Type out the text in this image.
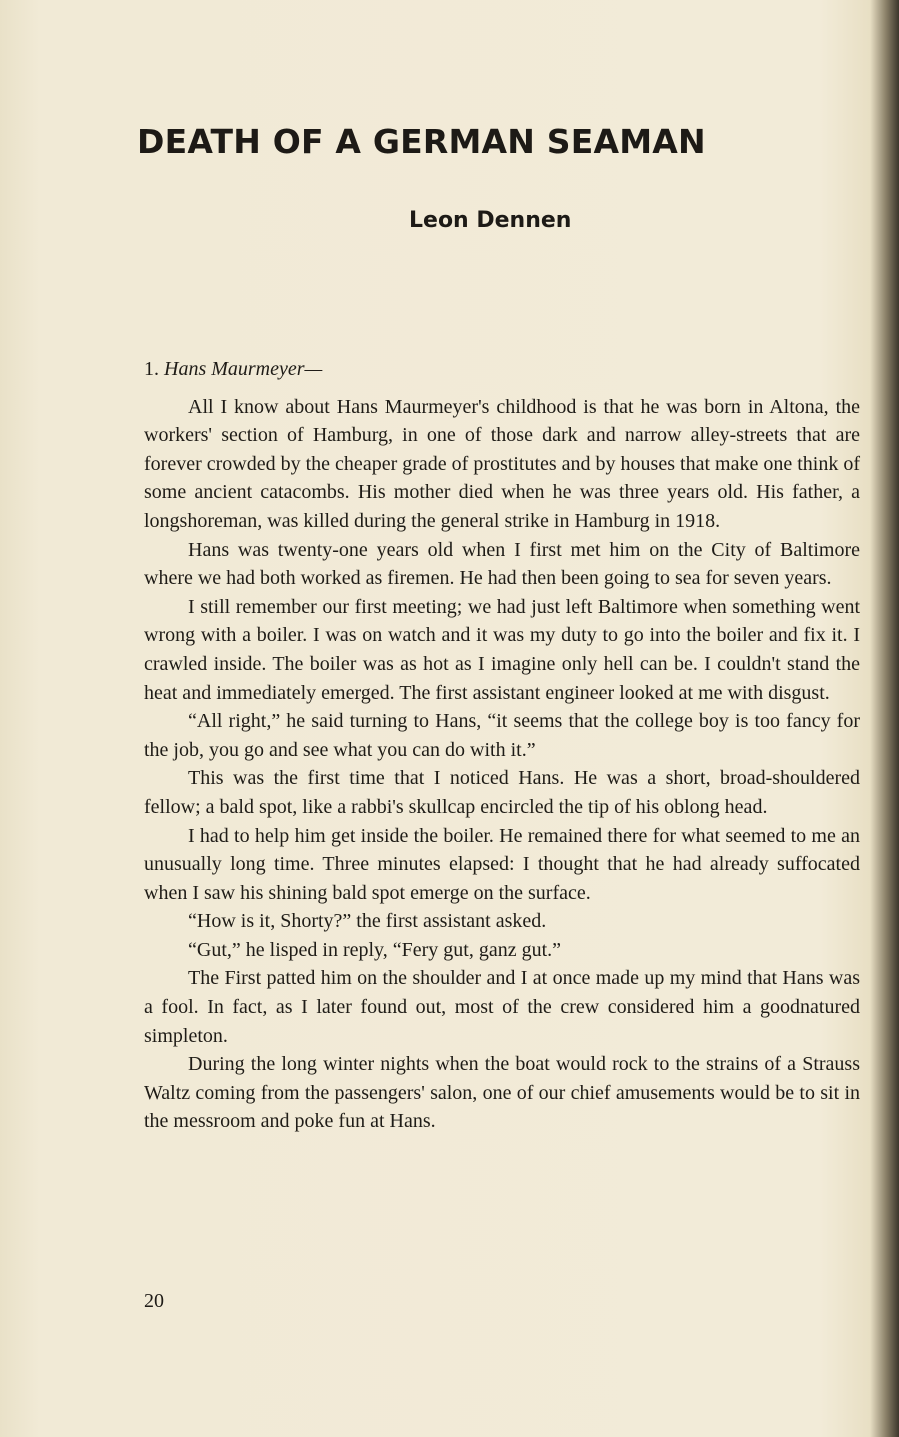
DEATH OF A GERMAN SEAMAN
Leon Dennen

1. Hans Maurmeyer—

All I know about Hans Maurmeyer's childhood is that he was born in Altona, the workers' section of Hamburg, in one of those dark and narrow alley-streets that are forever crowded by the cheaper grade of prostitutes and by houses that make one think of some ancient catacombs. His mother died when he was three years old. His father, a longshoreman, was killed during the general strike in Hamburg in 1918.

Hans was twenty-one years old when I first met him on the City of Baltimore where we had both worked as firemen. He had then been going to sea for seven years.

I still remember our first meeting; we had just left Baltimore when something went wrong with a boiler. I was on watch and it was my duty to go into the boiler and fix it. I crawled inside. The boiler was as hot as I imagine only hell can be. I couldn't stand the heat and immediately emerged. The first assistant engineer looked at me with disgust.

“All right,” he said turning to Hans, “it seems that the college boy is too fancy for the job, you go and see what you can do with it.”

This was the first time that I noticed Hans. He was a short, broad-shouldered fellow; a bald spot, like a rabbi's skullcap encircled the tip of his oblong head.

I had to help him get inside the boiler. He remained there for what seemed to me an unusually long time. Three minutes elapsed: I thought that he had already suffocated when I saw his shining bald spot emerge on the surface.

“How is it, Shorty?” the first assistant asked.

“Gut,” he lisped in reply, “Fery gut, ganz gut.”

The First patted him on the shoulder and I at once made up my mind that Hans was a fool. In fact, as I later found out, most of the crew considered him a goodnatured simpleton.

During the long winter nights when the boat would rock to the strains of a Strauss Waltz coming from the passengers' salon, one of our chief amusements would be to sit in the messroom and poke fun at Hans.

20
